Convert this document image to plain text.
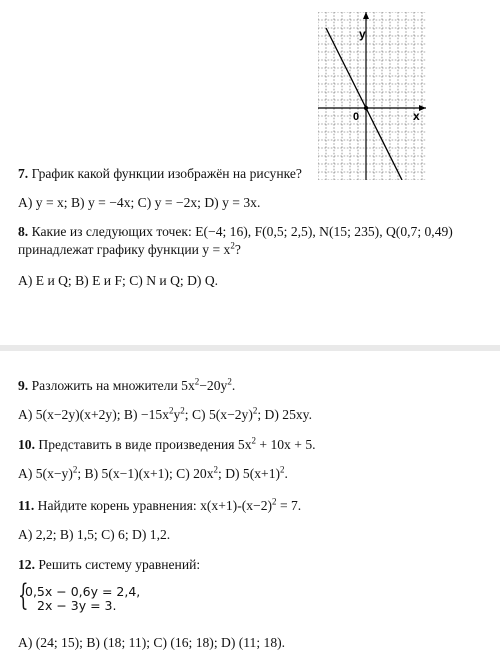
y
x
0
7. График какой функции изображён на рисунке?
A) y = x; B) y = −4x; C) y = −2x; D) y = 3x.
8. Какие из следующих точек: E(−4; 16), F(0,5; 2,5), N(15; 235), Q(0,7; 0,49)
принадлежат графику функции $y = x^2$?
A) E и Q; B) E и F; C) N и Q; D) Q.
9. Разложить на множители $5x^2-20y^2$.
A) 5(x−2y)(x+2y); $B) -15x^2y^2$; C) $5(x-2y)^2$; D) 25xy.
10. Представить в виде произведения $5x^2 + 10x + 5$.
A) $5(x-y)^2$; B) 5(x−1)(x+1); C) $20x^2$; D) $5(x+1)^2$.
11. Найдите корень уравнения: $x(x+1)-(x-2)^2 = 7$.
A) 2,2; B) 1,5; C) 6; D) 1,2.
12. Решить систему уравнений:
{
0,5x − 0,6y = 2,4,
2x − 3y = 3.
A) (24; 15); B) (18; 11); C) (16; 18); D) (11; 18).
